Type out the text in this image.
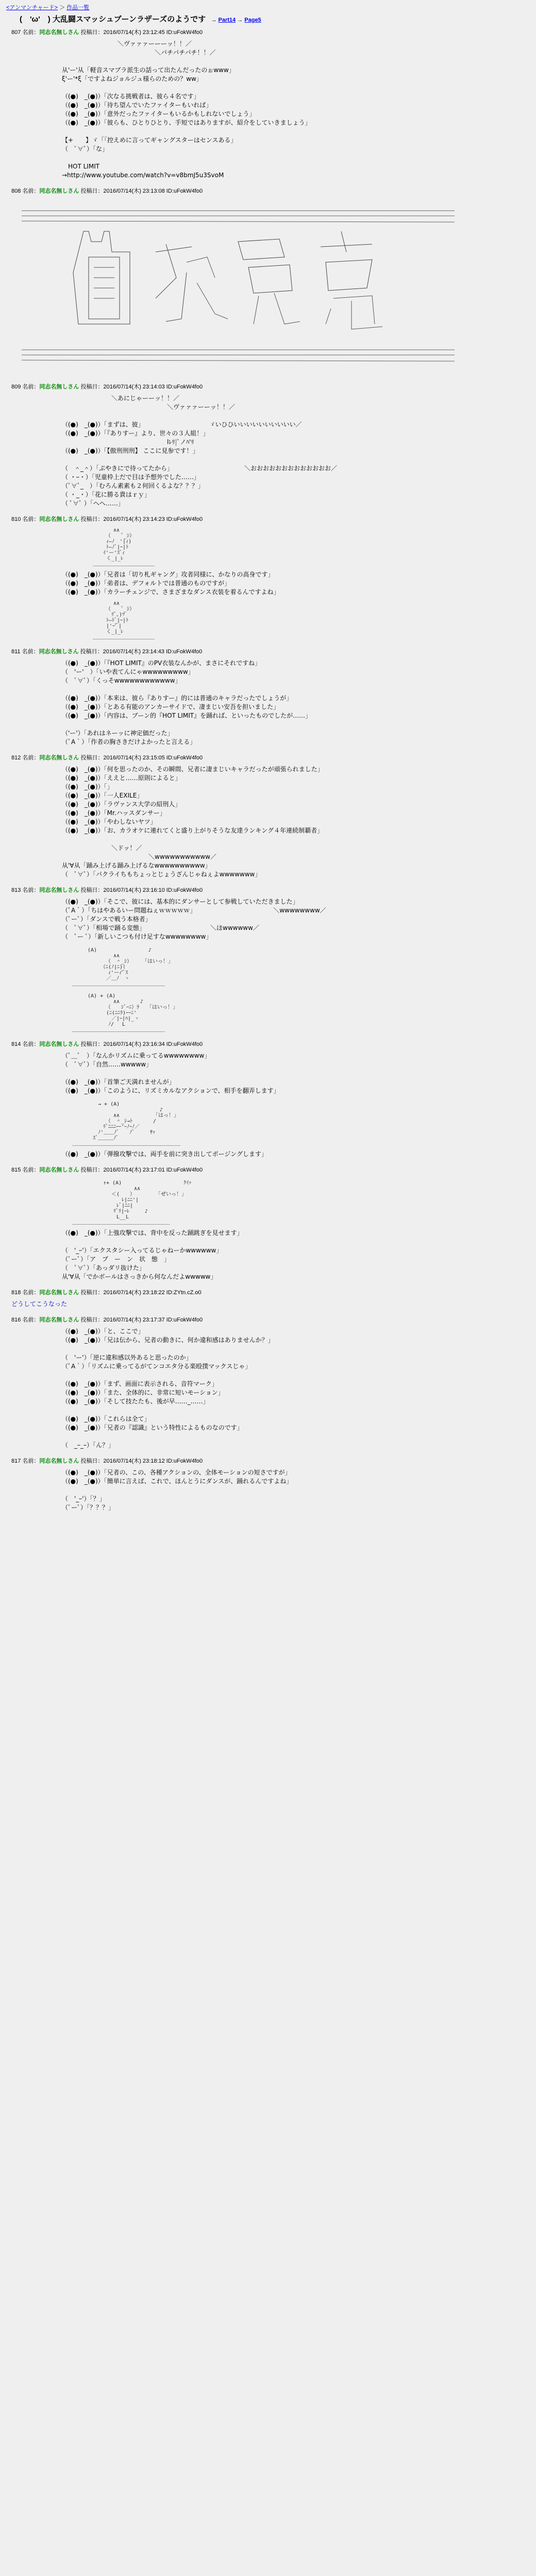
<アンマンチャード> ＞ 作品一覧
(　'ω'　) 大乱闘スマッシュブーンラザーズのようです → Part14 → Page5
807 名前：同志名無しさん 投稿日：2016/07/14(木) 23:12:45 ID:uFokW4fo0
　　　　　　　　　＼ヴァァァーーーッ！！／
　　　　　　　　　　　　　　　＼パチパチパチ！！／

从'ー'从「軽音スマブラ派生の話って出たんだったのぉwww」
ξ'ー'*ξ「ですよねジョルジュ様らのための？ww」

（(●)　_(●)）「次なる挑戦者は、彼ら４名です」
（(●)　_(●)）「待ち望んでいたファイターもいれば」
（(●)　_(●)）「意外だったファイターもいるかもしれないでしょう」
（(●)　_(●)）「彼らも、ひとりひとり、手短ではありますが、紹介をしていきましょう」

【+　　】ゞ「「控えめに言ってギャングスターはセンスある」
（　ﾟ∀ﾟ）「な」

　HOT LIMIT
→http://www.youtube.com/watch?v=v8bmJ5u3SvoM
808 名前：同志名無しさん 投稿日：2016/07/14(木) 23:13:08 ID:uFokW4fo0
809 名前：同志名無しさん 投稿日：2016/07/14(木) 23:14:03 ID:uFokW4fo0
　　　　　　　　＼あにじゃーーッ！！／
　　　　　　　　　　　　　　　　　＼ヴァァァーーッ！！／

（(●)　_(●)）「まずは、彼」　　　　　　　　　　　ゞいひひいいいいいいいいいい／
（(●)　_(●)）「『ありすー』より、世々の３人組！」
　　　　　　　　　　　　　　　　　lﾚﾘ|ﾞノﾊ'ﾘ
（(●)　_(●)）「【傲刑刑刑】 ここに見参です！」

（　＾_＾）「ぷやきにで待ってたから」　　　　　　　　　　　　＼おおおおおおおおおおおおお／
（ ・ｰ・）「児童枠上だで目は予想外でした……」
（ﾟ∀ﾟ_　）「むろん素素も２何回くるよな？？？」
（ ・_・）「花に勝る貴はｒｙ」
（ ﾟ∀ﾟ ）「へへ……」
810 名前：同志名無しさん 投稿日：2016/07/14(木) 23:14:23 ID:uFokW4fo0
　　　　∧∧
　　　（　　ﾟ_ｼ）
　　 ｨ―ﾉ　'|ｨ)
　　 ﾄ―ﾉﾞ|ｰ|ﾄ
　　ｲ'ー'ｽﾞｨ
　　 く_|_ﾚ
＿＿＿＿＿＿＿＿＿＿＿＿
（(●)　_(●)）「兄者は「切り札ギャング」攻者同様に、かなりの高身です」
（(●)　_(●)）「弟者は、デフォルトでは普通のものですが」
（(●)　_(●)）「カラーチェンジで、さまざまなダンス衣装を着るんですよね」
　　　　∧∧
　　　（　　ﾟ_ｼ）
　　　 ﾘﾞ｡)ﾂ
　　 ﾄ―ﾄﾞ|ｰ|ﾄ
　　 |'ｰ'ﾞ|
　　 く_|_ﾚ
＿＿＿＿＿＿＿＿＿＿＿＿
811 名前：同志名無しさん 投稿日：2016/07/14(木) 23:14:43 ID:uFokW4fo0
（(●)　_(●)）「『HOT LIMIT』のPV衣装なんかが、まさにそれですね」
（　'ー'　）「いや表てんにゃwwwwwwwww」
（　ﾟ∀ﾟ）「くっそwwwwwwwwwwww」

（(●)　_(●)）「本来は、彼ら『ありすー』的には普通のキャラだったでしょうが」
（(●)　_(●)）「とある有能のアンカーサイドで、凄まじい安吾を担いました」
（(●)　_(●)）「内容は、ブーン的『HOT LIMIT』を踊れば、といったものでしたが……」

（'ー'）「あれはネーッに神定価だった」
（ﾟA｀）「作者の胸さきだけよかったと言える」
812 名前：同志名無しさん 投稿日：2016/07/14(木) 23:15:05 ID:uFokW4fo0
（(●)　_(●)）「何を思ったのか、その瞬間、兄者に凄まじいキャラだったが頑張られました」
（(●)　_(●)）「ええと……原則によると」
（(●)　_(●)）「」
（(●)　_(●)）「一人EXILE」
（(●)　_(●)）「ラヴァンス大学の紹刑人」
（(●)　_(●)）「Mr.ハッスダンサー」
（(●)　_(●)）「やわしないヤツ」
（(●)　_(●)）「お、カラオケに連れてくと盛り上がりそうな友達ランキング４年連続制覇者」

　　　　　　　　＼ドッ！／
　　　　　　　　　　　　　　＼wwwwwwwwwww／
从'∀从「踊み上げる踊み上げるなwwwwwwwwww」
（　ﾟ∀ﾟ）「パクライちもちょっとじょうざんじゃねぇよwwwwwww」
813 名前：同志名無しさん 投稿日：2016/07/14(木) 23:16:10 ID:uFokW4fo0
（(●)　_(●)）「そこで、彼には、基本的にダンサーとして参戦していただきました」
（ﾟA｀）「ちはやあるいー問題ねぇｗｗｗｗｗ」　　　　　　　　　　　　　＼wwwwwwww／
（ﾟーﾟ）「ダンスで戦う本格者」
（　ﾟ∀ﾟ）「相場で踊る変態」　　　　　　　　　　　＼ほwwwwww／
（　ﾟー ﾟ）「新しいこつも付け足すなwwwwwwww」
　　　(A)　　　　　　　　　　♪
　　　　　　　　∧∧
　　　　　　　（　＾_ｼ）　　　「はいっ！」
　　　　　　（ﾆ(ﾉ|ﾆ)ﾐ
　　　　　　　ｨ'ーｨ'ﾞｽ
　　　　　　 ／＿ﾉ　ヽ
＿＿＿＿＿＿＿＿＿＿＿＿＿＿＿＿＿＿
　　　(A) + (A)
　　　　　　　　∧∧　　　　♪
　　　　　　　（　　ｼﾞｰﾆ）ﾗ　　「はいっ！」
　　　　　　 (ﾆ(ﾆﾆﾗ)ｰｰﾆ'
　　　　　　　 ／|ｰ|ﾊ|_ヽ
　　　　　　　ﾉ/　 L
＿＿＿＿＿＿＿＿＿＿＿＿＿＿＿＿＿＿
814 名前：同志名無しさん 投稿日：2016/07/14(木) 23:16:34 ID:uFokW4fo0
（ﾟ＿ﾟ　）「なんかリズムに乗ってるwwwwwwww」
（　ﾟ∀ﾟ）「自然……wwwww」

（(●)　_(●)）「首筆ご天満れませんが」
（(●)　_(●)）「このように、リズミカルなアクションで、相手を翻弄します」
　　　　　→ + (A)
　　　　　　　　　　　　　　　　　♪
　　　　　　　　∧∧　　　　　　　「はっ！」
　　　　　　　（　＾_ｼ→ﾄ　　　　/
　　　　　　ﾘﾞﾆﾆﾆｰｰ'ｰﾉｰﾉ／
　　　　　ﾉ'＿＿ﾉﾞ　　ﾉﾞ　　　ｻｯ
　　　　ｽﾞ＿＿＿ﾉﾞ
＿＿＿＿＿＿＿＿＿＿＿＿＿＿＿＿＿＿＿＿＿
（(●)　_(●)）「弾撥攻撃では、両手を前に突き出してポージングします」
815 名前：同志名無しさん 投稿日：2016/07/14(木) 23:17:01 ID:uFokW4fo0
　　　　　　↑+ (A)　　　　　　　　　　　　ｸｲｯ
　　　　　　　　　　　　∧∧
　　　　　　　 ＜(　　）　　　　　「ぜいっ！」
　　　　　　　　　 ﾚ|ﾆﾆ'|
　　　　　　　　 ﾚﾞ|ﾆﾆ|
　　　　　　　　ﾘﾞﾘ|ｰﾚ　　　♪
　　　　　　　　 L__L
＿＿＿＿＿＿＿＿＿＿＿＿＿＿＿＿＿＿＿
（(●)　_(●)）「上強攻撃では、背中を反った踊跳ぎを見せます」

（　'_ｰ'）「エクスタシー入ってるじゃねーかwwwwww」
（ﾟーﾟ）「ア　プ　ー　ン　状　態　」
（　ﾟ∀ﾟ）「あっダリ抜けた」
从'∀从「でかボールはさっきから何なんだよwwwww」
818 名前：同志名無しさん 投稿日：2016/07/14(木) 23:18:22 ID:ZYtn.cZ.o0
どうしてこうなった
816 名前：同志名無しさん 投稿日：2016/07/14(木) 23:17:37 ID:uFokW4fo0
（(●)　_(●)）「と、ここで」
（(●)　_(●)）「兄は伝から、兄者の動きに、何か違和感はありませんか？」

（　'ー'）「逆に違和感以外あると思ったのか」
（ﾟA｀）「リズムに乗ってるがてンコエタ分る楽殴撲マックスじゃ」

（(●)　_(●)）「まず、画面に表示される、音符マーク」
（(●)　_(●)）「また、全体的に、非常に短いモーション」
（(●)　_(●)）「そして技たたも、後が早……_……」

（(●)　_(●)）「これらは全て」
（(●)　_(●)）「兄者の『認識』という特性によるものなのです」

（　_ｰ_ｰ）「ん？」
817 名前：同志名無しさん 投稿日：2016/07/14(木) 23:18:12 ID:uFokW4fo0
（(●)　_(●)）「兄者の、この、各種アクションの、全体モーションの短さですが」
（(●)　_(●)）「簡単に言えば、これで、ほんとうにダンスが、踊れるんですよね」

（　'_ｰ'）「？」
（ﾟーﾟ）「？？？」
